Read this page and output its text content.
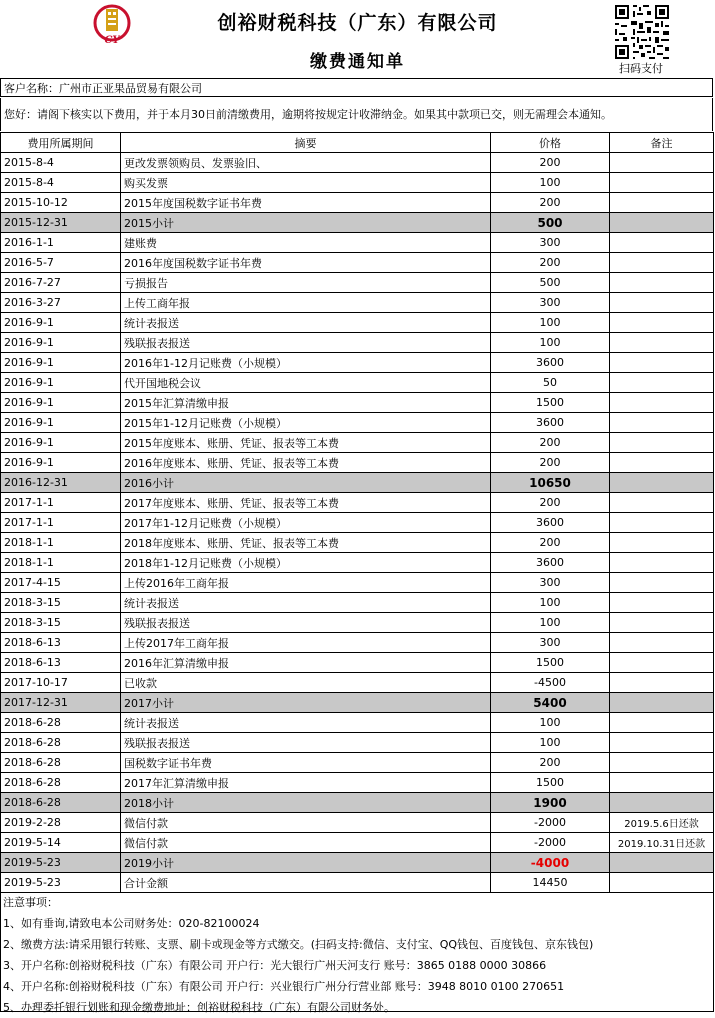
CY
创裕财税科技（广东）有限公司
缴费通知单	扫码支付
客户名称：广州市正亚果品贸易有限公司
您好：请阁下核实以下费用，并于本月30日前清缴费用，逾期将按规定计收滞纳金。如果其中款项已交，则无需理会本通知。
费用所属期间	摘要	价格	备注
2015-8-4	更改发票领购员、发票验旧、	200	
2015-8-4	购买发票	100	
2015-10-12	2015年度国税数字证书年费	200	
2015-12-31	2015小计	500	
2016-1-1	建账费	300	
2016-5-7	2016年度国税数字证书年费	200	
2016-7-27	亏损报告	500	
2016-3-27	上传工商年报	300	
2016-9-1	统计表报送	100	
2016-9-1	残联报表报送	100	
2016-9-1	2016年1-12月记账费（小规模）	3600	
2016-9-1	代开国地税会议	50	
2016-9-1	2015年汇算清缴申报	1500	
2016-9-1	2015年1-12月记账费（小规模）	3600	
2016-9-1	2015年度账本、账册、凭证、报表等工本费	200	
2016-9-1	2016年度账本、账册、凭证、报表等工本费	200	
2016-12-31	2016小计	10650	
2017-1-1	2017年度账本、账册、凭证、报表等工本费	200	
2017-1-1	2017年1-12月记账费（小规模）	3600	
2018-1-1	2018年度账本、账册、凭证、报表等工本费	200	
2018-1-1	2018年1-12月记账费（小规模）	3600	
2017-4-15	上传2016年工商年报	300	
2018-3-15	统计表报送	100	
2018-3-15	残联报表报送	100	
2018-6-13	上传2017年工商年报	300	
2018-6-13	2016年汇算清缴申报	1500	
2017-10-17	已收款	-4500	
2017-12-31	2017小计	5400	
2018-6-28	统计表报送	100	
2018-6-28	残联报表报送	100	
2018-6-28	国税数字证书年费	200	
2018-6-28	2017年汇算清缴申报	1500	
2018-6-28	2018小计	1900	
2019-2-28	微信付款	-2000	2019.5.6日还款
2019-5-14	微信付款	-2000	2019.10.31日还款
2019-5-23	2019小计	-4000	
2019-5-23	合计金额	14450	
注意事项：
1、如有垂询,请致电本公司财务处：020-82100024
2、缴费方法:请采用银行转账、支票、刷卡或现金等方式缴交。(扫码支持:微信、支付宝、QQ钱包、百度钱包、京东钱包)
3、开户名称:创裕财税科技（广东）有限公司 开户行：光大银行广州天河支行 账号：3865 0188 0000 30866
4、开户名称:创裕财税科技（广东）有限公司 开户行：兴业银行广州分行营业部 账号：3948 8010 0100 270651
5、办理委托银行划账和现金缴费地址：创裕财税科技（广东）有限公司财务处。
